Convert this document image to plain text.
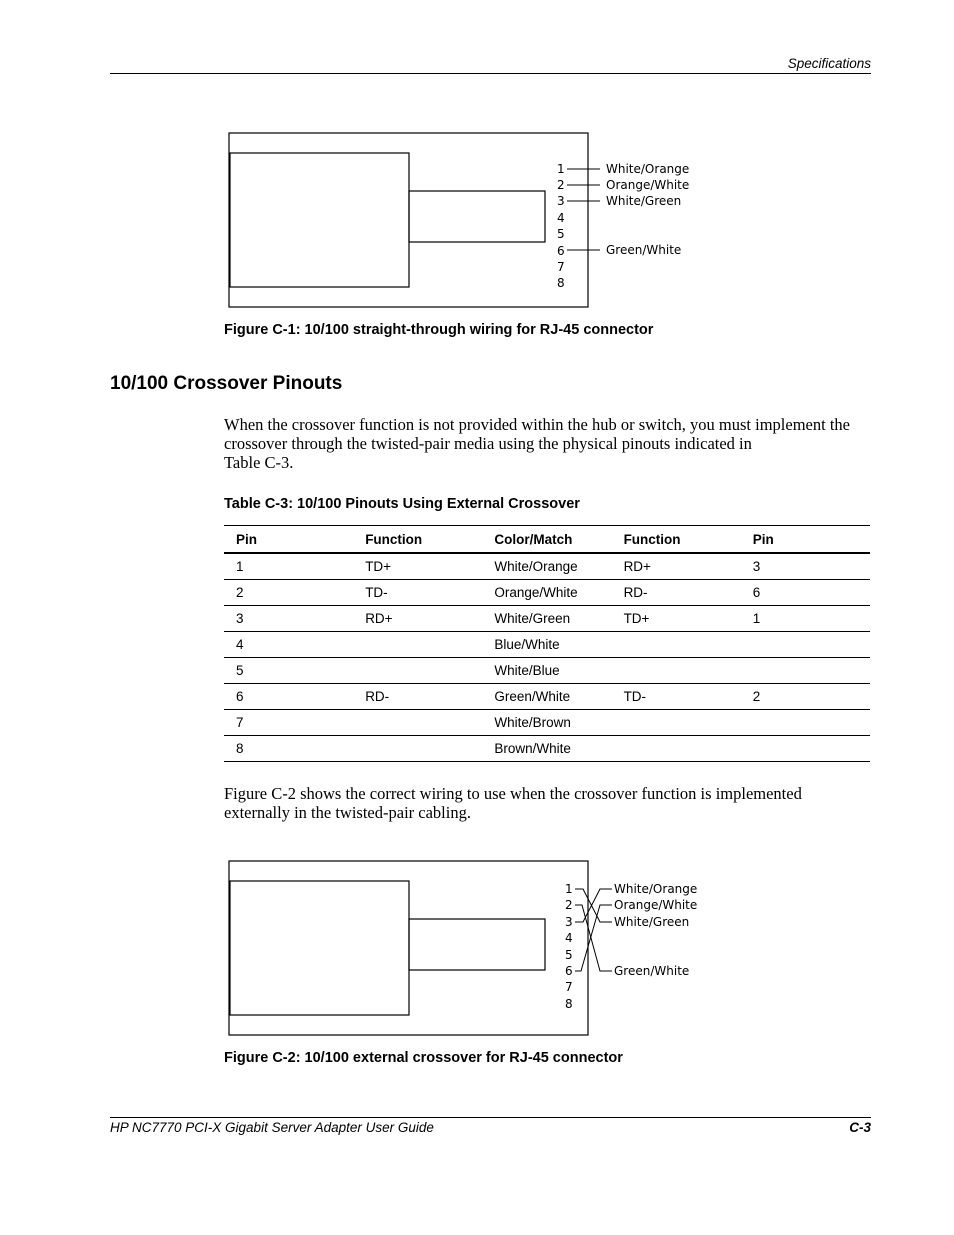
Specifications
1
2
3
4
5
6
7
8
White/Orange
Orange/White
White/Green
Green/White
Figure C-1: 10/100 straight-through wiring for RJ-45 connector
10/100 Crossover Pinouts
When the crossover function is not provided within the hub or switch, you must implement the crossover through the twisted-pair media using the physical pinouts indicated in
Table C-3.
Table C-3: 10/100 Pinouts Using External Crossover
Pin	Function	Color/Match	Function	Pin
1	TD+	White/Orange	RD+	3
2	TD-	Orange/White	RD-	6
3	RD+	White/Green	TD+	1
4		Blue/White		
5		White/Blue		
6	RD-	Green/White	TD-	2
7		White/Brown		
8		Brown/White		
Figure C-2 shows the correct wiring to use when the crossover function is implemented externally in the twisted-pair cabling.
1
2
3
4
5
6
7
8
White/Orange
Orange/White
White/Green
Green/White
Figure C-2: 10/100 external crossover for RJ-45 connector
HP NC7770 PCI-X Gigabit Server Adapter User Guide	C-3
